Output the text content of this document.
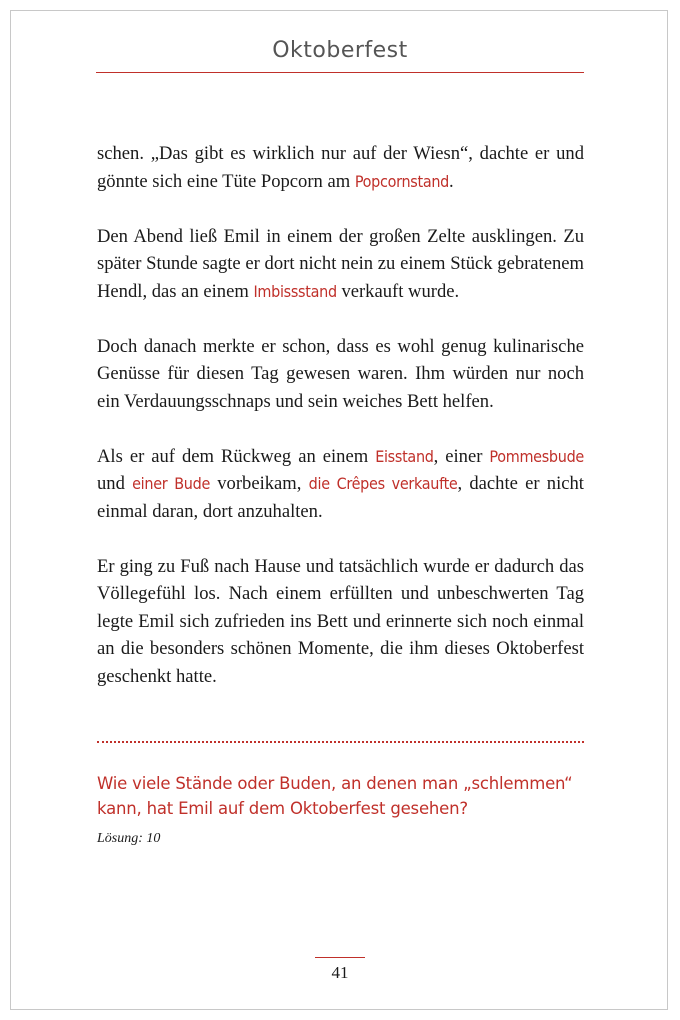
Oktoberfest

schen. „Das gibt es wirklich nur auf der Wiesn“, dachte er und gönnte sich eine Tüte Popcorn am Popcornstand.

Den Abend ließ Emil in einem der großen Zelte ausklingen. Zu später Stunde sagte er dort nicht nein zu einem Stück gebratenem Hendl, das an einem Imbissstand verkauft wurde.

Doch danach merkte er schon, dass es wohl genug kulinarische Genüsse für diesen Tag gewesen waren. Ihm würden nur noch ein Verdauungsschnaps und sein weiches Bett helfen.

Als er auf dem Rückweg an einem Eisstand, einer Pommesbude und einer Bude vorbeikam, die Crêpes verkaufte, dachte er nicht einmal daran, dort anzuhalten.

Er ging zu Fuß nach Hause und tatsächlich wurde er dadurch das Völlegefühl los. Nach einem erfüllten und unbeschwerten Tag legte Emil sich zufrieden ins Bett und erinnerte sich noch einmal an die besonders schönen Momente, die ihm dieses Oktoberfest geschenkt hatte.

Wie viele Stände oder Buden, an denen man „schlemmen“ kann, hat Emil auf dem Oktoberfest gesehen?
Lösung: 10
41
